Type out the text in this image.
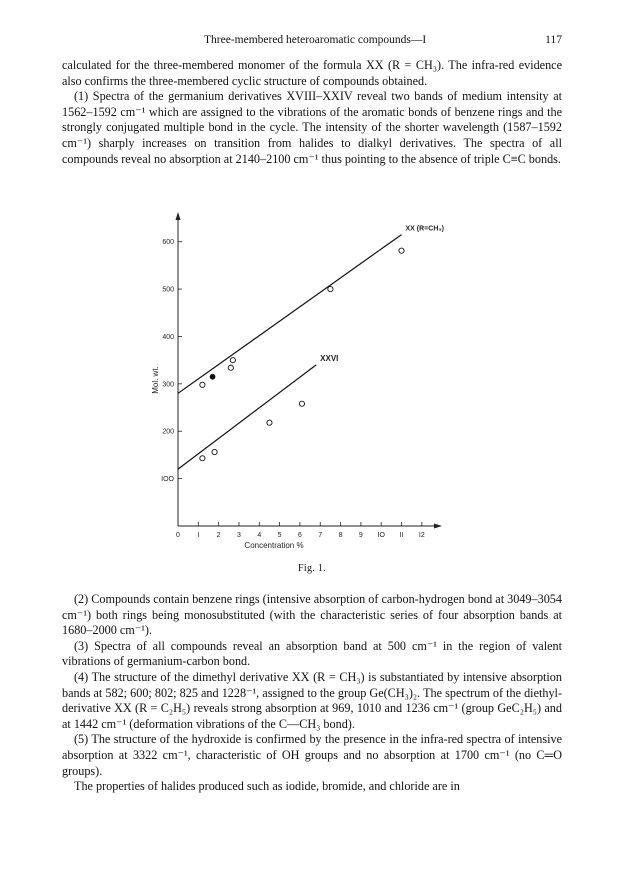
Three-membered heteroaromatic compounds—I	117

calculated for the three-membered monomer of the formula XX (R = CH₃). The infra-red evidence also confirms the three-membered cyclic structure of compounds obtained.

(1) Spectra of the germanium derivatives XVIII–XXIV reveal two bands of medium intensity at 1562–1592 cm⁻¹ which are assigned to the vibrations of the aromatic bonds of benzene rings and the strongly conjugated multiple bond in the cycle. The intensity of the shorter wavelength (1587–1592 cm⁻¹) sharply increases on transition from halides to dialkyl derivatives. The spectra of all compounds reveal no absorption at 2140–2100 cm⁻¹ thus pointing to the absence of triple C≡C bonds.

IOO
200
300
400
500
600
0 I 2 3 4 5 6 7 8 9 IO II I2
XX (R=CH₃)
XXVI
Mol. wt.
Concentration %
Fig. 1.

(2) Compounds contain benzene rings (intensive absorption of carbon-hydrogen bond at 3049–3054 cm⁻¹) both rings being monosubstituted (with the characteristic series of four absorption bands at 1680–2000 cm⁻¹).

(3) Spectra of all compounds reveal an absorption band at 500 cm⁻¹ in the region of valent vibrations of germanium-carbon bond.

(4) The structure of the dimethyl derivative XX (R = CH₃) is substantiated by intensive absorption bands at 582; 600; 802; 825 and 1228⁻¹, assigned to the group Ge(CH₃)₂. The spectrum of the diethyl-derivative XX (R = C₂H₅) reveals strong absorption at 969, 1010 and 1236 cm⁻¹ (group GeC₂H₅) and at 1442 cm⁻¹ (deformation vibrations of the C—CH₃ bond).

(5) The structure of the hydroxide is confirmed by the presence in the infra-red spectra of intensive absorption at 3322 cm⁻¹, characteristic of OH groups and no absorption at 1700 cm⁻¹ (no C═O groups).

The properties of halides produced such as iodide, bromide, and chloride are in
